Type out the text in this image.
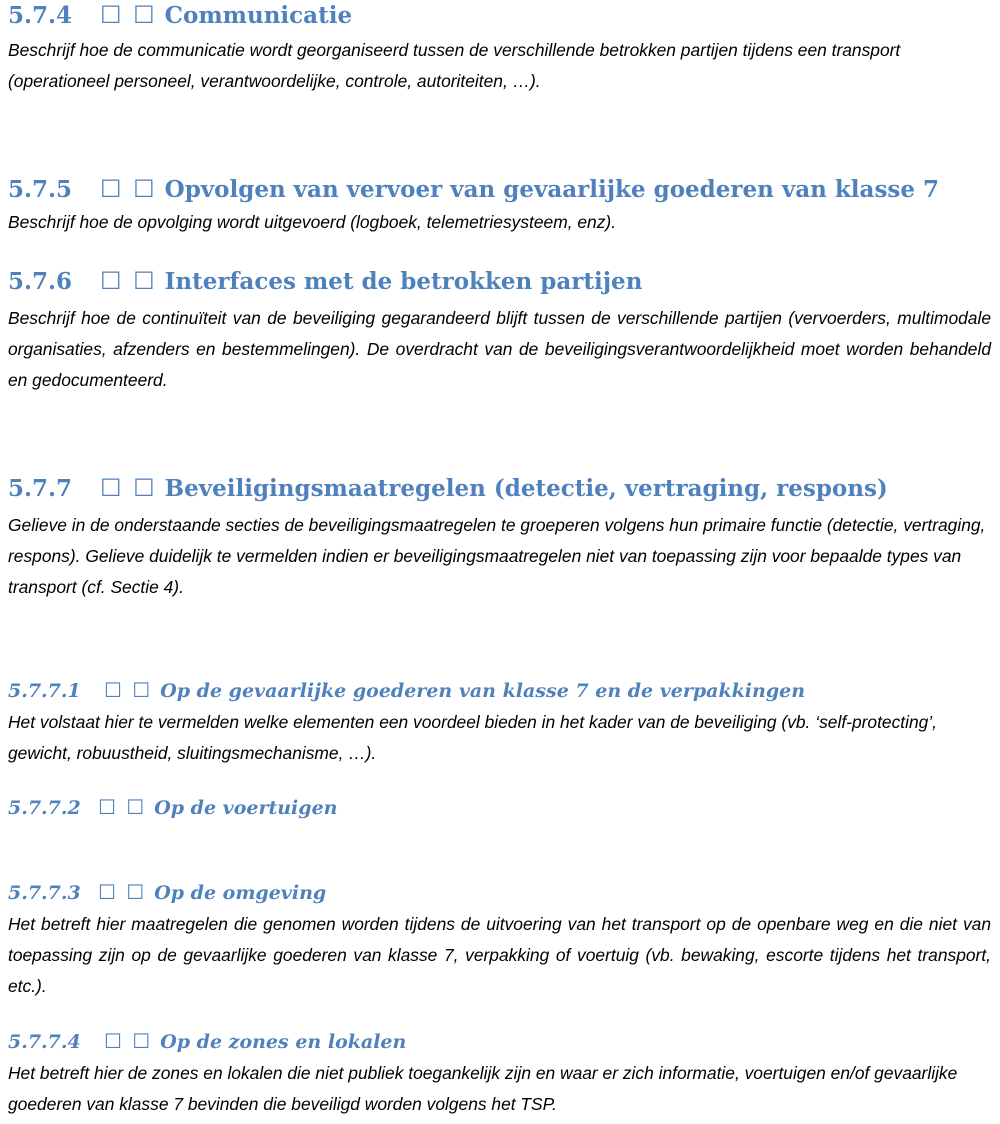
5.7.4 ☐ ☐ Communicatie

Beschrijf hoe de communicatie wordt georganiseerd tussen de verschillende betrokken partijen tijdens een transport (operationeel personeel, verantwoordelijke, controle, autoriteiten, …).

5.7.5 ☐ ☐ Opvolgen van vervoer van gevaarlijke goederen van klasse 7

Beschrijf hoe de opvolging wordt uitgevoerd (logboek, telemetriesysteem, enz).

5.7.6 ☐ ☐ Interfaces met de betrokken partijen

Beschrijf hoe de continuïteit van de beveiliging gegarandeerd blijft tussen de verschillende partijen (vervoerders, multimodale organisaties, afzenders en bestemmelingen). De overdracht van de beveiligingsverantwoordelijkheid moet worden behandeld en gedocumenteerd.

5.7.7 ☐ ☐ Beveiligingsmaatregelen (detectie, vertraging, respons)

Gelieve in de onderstaande secties de beveiligingsmaatregelen te groeperen volgens hun primaire functie (detectie, vertraging, respons). Gelieve duidelijk te vermelden indien er beveiligingsmaatregelen niet van toepassing zijn voor bepaalde types van transport (cf. Sectie 4).

5.7.7.1 ☐ ☐ Op de gevaarlijke goederen van klasse 7 en de verpakkingen

Het volstaat hier te vermelden welke elementen een voordeel bieden in het kader van de beveiliging (vb. ‘self-protecting’, gewicht, robuustheid, sluitingsmechanisme, …).

5.7.7.2 ☐ ☐ Op de voertuigen
5.7.7.3 ☐ ☐ Op de omgeving

Het betreft hier maatregelen die genomen worden tijdens de uitvoering van het transport op de openbare weg en die niet van toepassing zijn op de gevaarlijke goederen van klasse 7, verpakking of voertuig (vb. bewaking, escorte tijdens het transport, etc.).

5.7.7.4 ☐ ☐ Op de zones en lokalen

Het betreft hier de zones en lokalen die niet publiek toegankelijk zijn en waar er zich informatie, voertuigen en/of gevaarlijke goederen van klasse 7 bevinden die beveiligd worden volgens het TSP.
